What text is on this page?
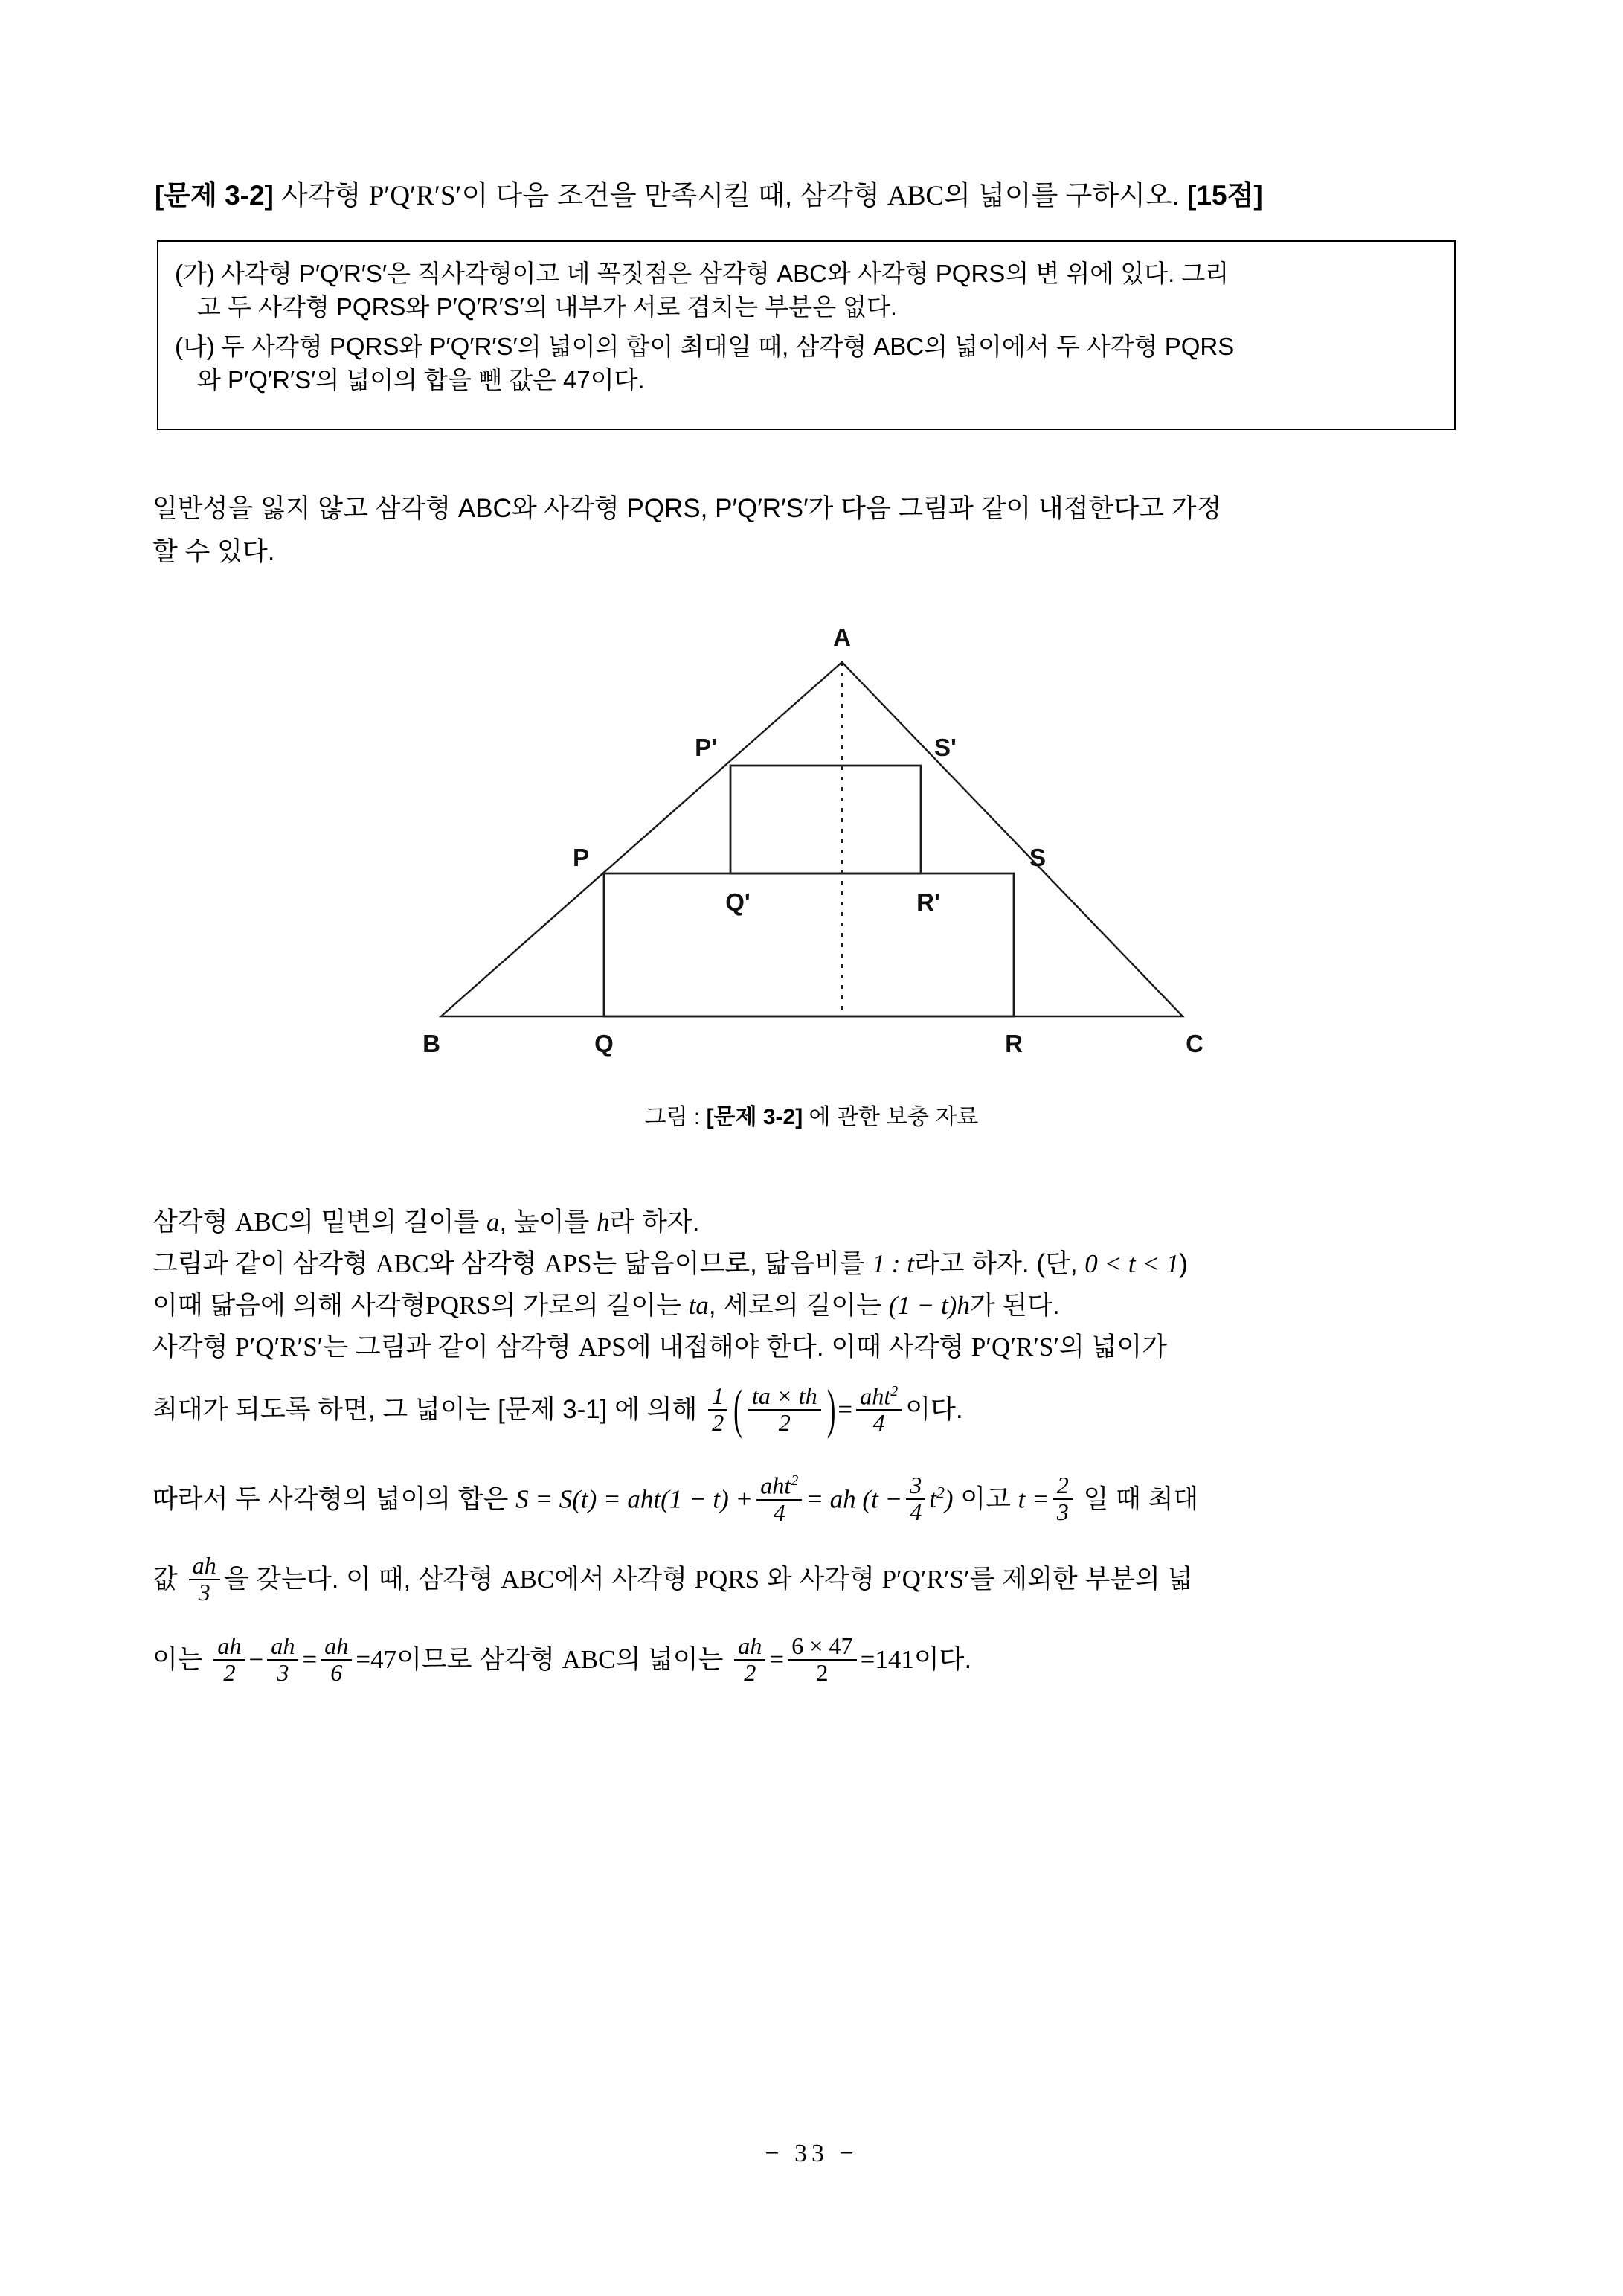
[문제 3-2] 사각형 P′Q′R′S′이 다음 조건을 만족시킬 때, 삼각형 ABC의 넓이를 구하시오. [15점]
(가) 사각형 P′Q′R′S′은 직사각형이고 네 꼭짓점은 삼각형 ABC와 사각형 PQRS의 변 위에 있다. 그리
고 두 사각형 PQRS와 P′Q′R′S′의 내부가 서로 겹치는 부분은 없다.
(나) 두 사각형 PQRS와 P′Q′R′S′의 넓이의 합이 최대일 때, 삼각형 ABC의 넓이에서 두 사각형 PQRS
와 P′Q′R′S′의 넓이의 합을 뺀 값은 47이다.
일반성을 잃지 않고 삼각형 ABC와 사각형 PQRS, P′Q′R′S′가 다음 그림과 같이 내접한다고 가정
할 수 있다.
A
B	C
Q	R
P	S
P'	S'
Q'	R'
그림 : [문제 3-2] 에 관한 보충 자료
삼각형 ABC의 밑변의 길이를 a, 높이를 h라 하자.
그림과 같이 삼각형 ABC와 삼각형 APS는 닮음이므로, 닮음비를 1 : t라고 하자. (단, 0 < t < 1)
이때 닮음에 의해 사각형PQRS의 가로의 길이는 ta, 세로의 길이는 (1 − t)h가 된다.
사각형 P′Q′R′S′는 그림과 같이 삼각형 APS에 내접해야 한다. 이때 사각형 P′Q′R′S′의 넓이가
최대가 되도록 하면, 그 넓이는 [문제 3-1] 에 의해 $\frac{1}{2}$ ( $\frac{ta \times th}{2}$ )= $\frac{aht^2}{4}$ 이다.
따라서 두 사각형의 넓이의 합은 $S = S(t) = aht(1 - t) + \frac{aht^2}{4}$ = ah $(t - \frac{3}{4} t^2)$ 이고 $t = \frac{2}{3}$ 일 때 최대
값 $\frac{ah}{3}$ 을 갖는다. 이 때, 삼각형 ABC에서 사각형 PQRS 와 사각형 P′Q′R′S′를 제외한 부분의 넓
이는 $\frac{ah}{2} - \frac{ah}{3} = \frac{ah}{6} =47$이므로 삼각형 ABC의 넓이는 $\frac{ah}{2} = \frac{6 \times 47}{2} =141$이다.
− 33 −
